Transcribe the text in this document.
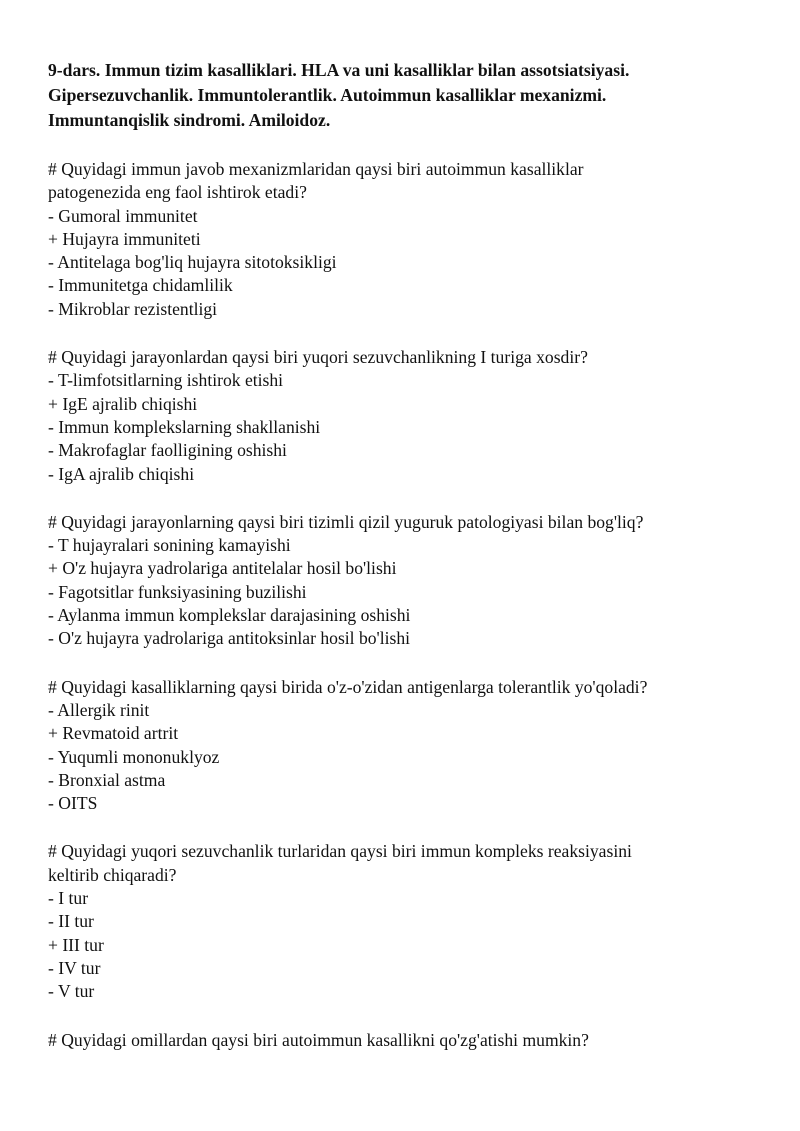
9-dars. Immun tizim kasalliklari. HLA va uni kasalliklar bilan assotsiatsiyasi.
Gipersezuvchanlik. Immuntolerantlik. Autoimmun kasalliklar mexanizmi.
Immuntanqislik sindromi. Amiloidoz.

# Quyidagi immun javob mexanizmlaridan qaysi biri autoimmun kasalliklar
patogenezida eng faol ishtirok etadi?

- Gumoral immunitet
+ Hujayra immuniteti
- Antitelaga bog'liq hujayra sitotoksikligi
- Immunitetga chidamlilik
- Mikroblar rezistentligi

# Quyidagi jarayonlardan qaysi biri yuqori sezuvchanlikning I turiga xosdir?

- T-limfotsitlarning ishtirok etishi
+ IgE ajralib chiqishi
- Immun komplekslarning shakllanishi
- Makrofaglar faolligining oshishi
- IgA ajralib chiqishi

# Quyidagi jarayonlarning qaysi biri tizimli qizil yuguruk patologiyasi bilan bog'liq?

- T hujayralari sonining kamayishi
+ O'z hujayra yadrolariga antitelalar hosil bo'lishi
- Fagotsitlar funksiyasining buzilishi
- Aylanma immun komplekslar darajasining oshishi
- O'z hujayra yadrolariga antitoksinlar hosil bo'lishi

# Quyidagi kasalliklarning qaysi birida o'z-o'zidan antigenlarga tolerantlik yo'qoladi?

- Allergik rinit
+ Revmatoid artrit
- Yuqumli mononuklyoz
- Bronxial astma
- OITS

# Quyidagi yuqori sezuvchanlik turlaridan qaysi biri immun kompleks reaksiyasini
keltirib chiqaradi?

- I tur
- II tur
+ III tur
- IV tur
- V tur

# Quyidagi omillardan qaysi biri autoimmun kasallikni qo'zg'atishi mumkin?
